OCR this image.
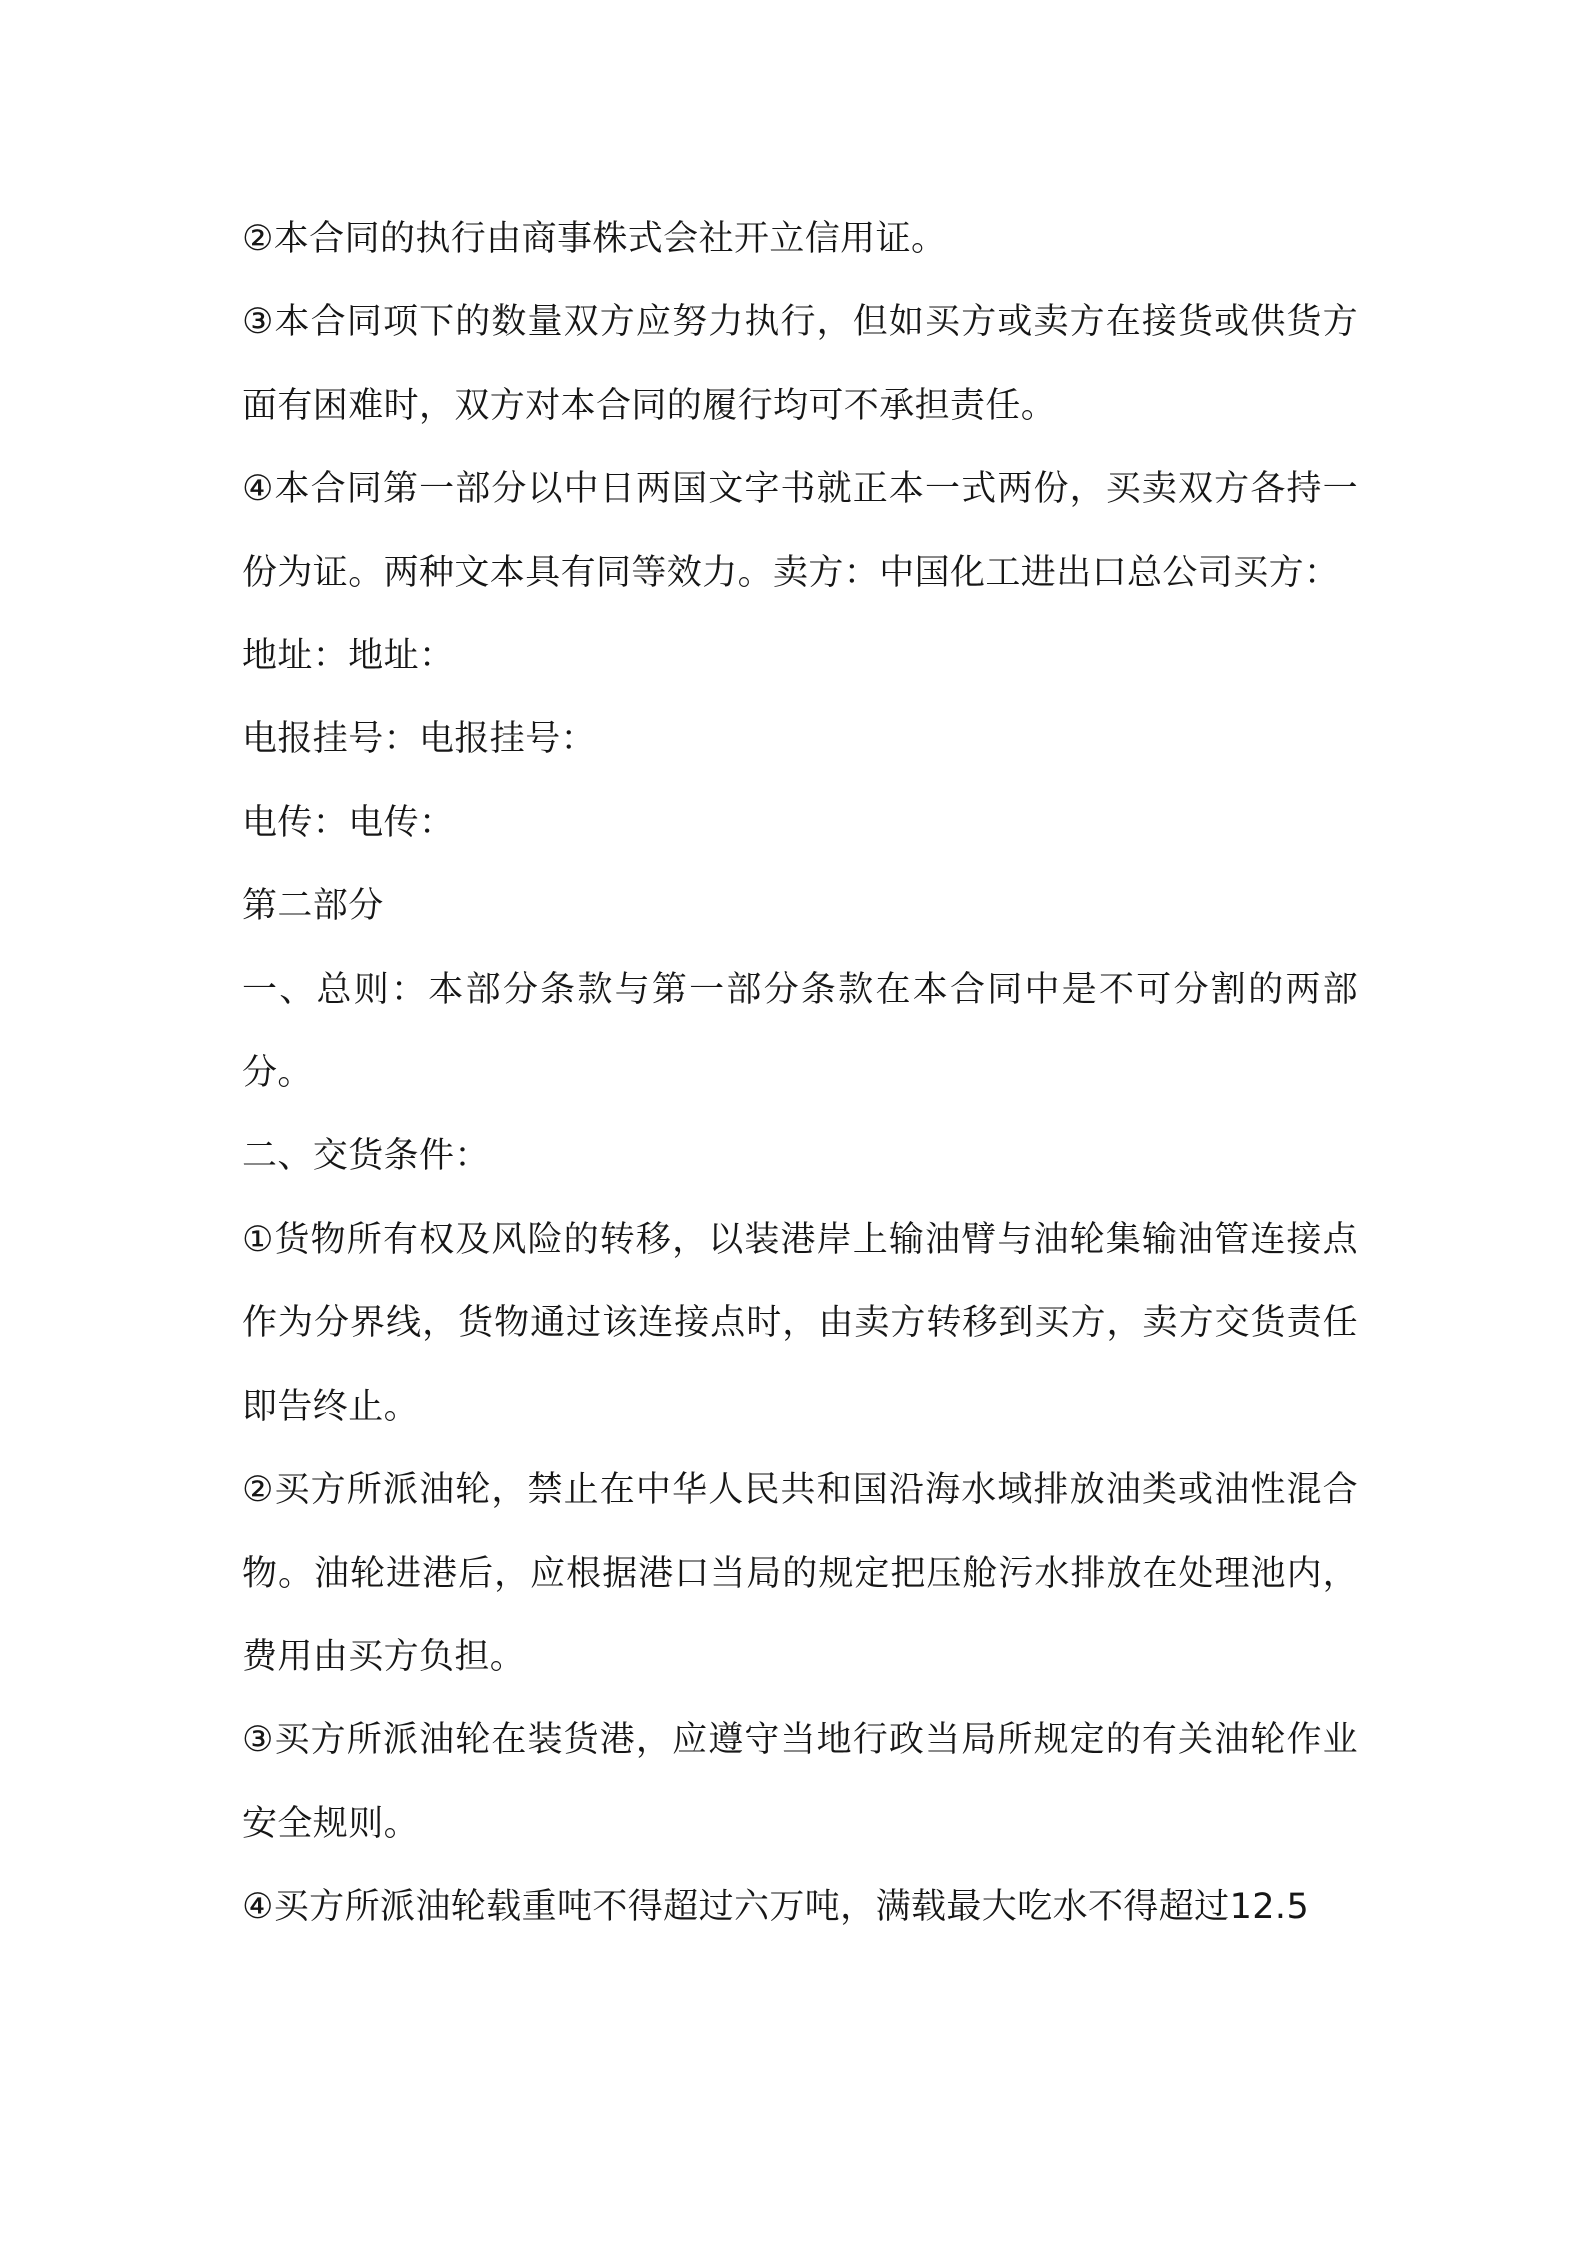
②本合同的执行由商事株式会社开立信用证。

③本合同项下的数量双方应努力执行，但如买方或卖方在接货或供货方面有困难时，双方对本合同的履行均可不承担责任。

④本合同第一部分以中日两国文字书就正本一式两份，买卖双方各持一份为证。两种文本具有同等效力。卖方：中国化工进出口总公司买方：

地址：地址：

电报挂号：电报挂号：

电传：电传：

第二部分

一、总则：本部分条款与第一部分条款在本合同中是不可分割的两部分。

二、交货条件：

①货物所有权及风险的转移，以装港岸上输油臂与油轮集输油管连接点作为分界线，货物通过该连接点时，由卖方转移到买方，卖方交货责任即告终止。

②买方所派油轮，禁止在中华人民共和国沿海水域排放油类或油性混合物。油轮进港后，应根据港口当局的规定把压舱污水排放在处理池内，费用由买方负担。

③买方所派油轮在装货港，应遵守当地行政当局所规定的有关油轮作业安全规则。

④买方所派油轮载重吨不得超过六万吨，满载最大吃水不得超过12.5
